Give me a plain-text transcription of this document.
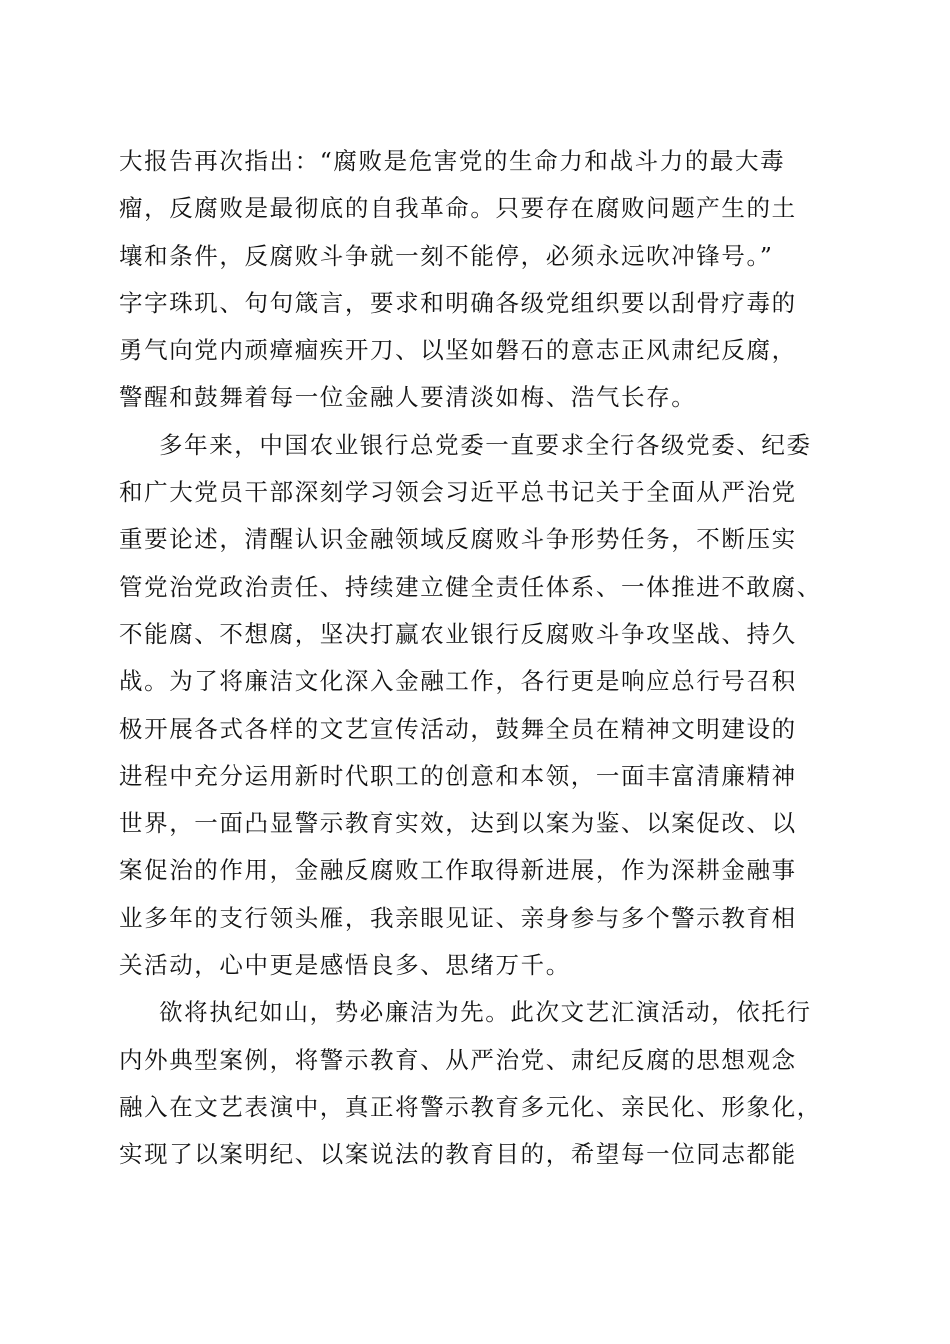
大报告再次指出：“腐败是危害党的生命力和战斗力的最大毒
瘤，反腐败是最彻底的自我革命。只要存在腐败问题产生的土
壤和条件，反腐败斗争就一刻不能停，必须永远吹冲锋号。”
字字珠玑、句句箴言，要求和明确各级党组织要以刮骨疗毒的
勇气向党内顽瘴痼疾开刀、以坚如磐石的意志正风肃纪反腐，
警醒和鼓舞着每一位金融人要清淡如梅、浩气长存。
多年来，中国农业银行总党委一直要求全行各级党委、纪委
和广大党员干部深刻学习领会习近平总书记关于全面从严治党
重要论述，清醒认识金融领域反腐败斗争形势任务，不断压实
管党治党政治责任、持续建立健全责任体系、一体推进不敢腐、
不能腐、不想腐，坚决打赢农业银行反腐败斗争攻坚战、持久
战。为了将廉洁文化深入金融工作，各行更是响应总行号召积
极开展各式各样的文艺宣传活动，鼓舞全员在精神文明建设的
进程中充分运用新时代职工的创意和本领，一面丰富清廉精神
世界，一面凸显警示教育实效，达到以案为鉴、以案促改、以
案促治的作用，金融反腐败工作取得新进展，作为深耕金融事
业多年的支行领头雁，我亲眼见证、亲身参与多个警示教育相
关活动，心中更是感悟良多、思绪万千。
欲将执纪如山，势必廉洁为先。此次文艺汇演活动，依托行
内外典型案例，将警示教育、从严治党、肃纪反腐的思想观念
融入在文艺表演中，真正将警示教育多元化、亲民化、形象化，
实现了以案明纪、以案说法的教育目的，希望每一位同志都能
